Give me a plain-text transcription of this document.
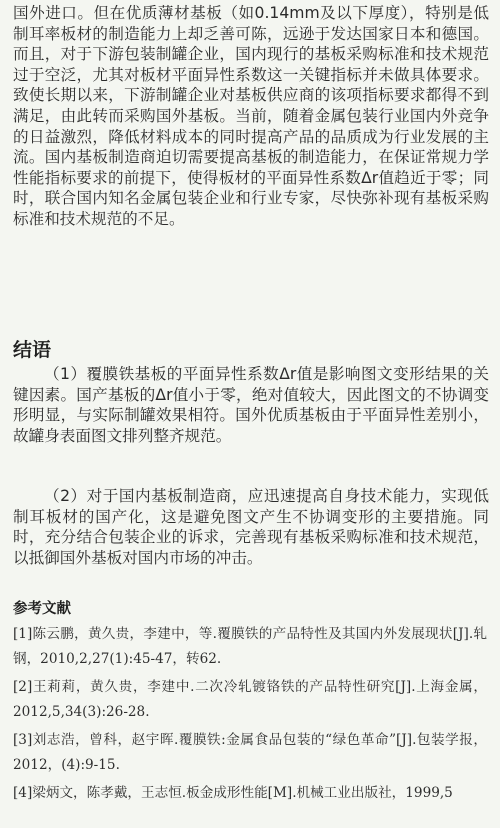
国外进口。但在优质薄材基板（如0.14mm及以下厚度），特别是低制耳率板材的制造能力上却乏善可陈，远逊于发达国家日本和德国。而且，对于下游包装制罐企业，国内现行的基板采购标准和技术规范过于空泛，尤其对板材平面异性系数这一关键指标并未做具体要求。致使长期以来，下游制罐企业对基板供应商的该项指标要求都得不到满足，由此转而采购国外基板。当前，随着金属包装行业国内外竞争的日益激烈，降低材料成本的同时提高产品的品质成为行业发展的主流。国内基板制造商迫切需要提高基板的制造能力，在保证常规力学性能指标要求的前提下，使得板材的平面异性系数Δr值趋近于零；同时，联合国内知名金属包装企业和行业专家，尽快弥补现有基板采购标准和技术规范的不足。

结语

（1）覆膜铁基板的平面异性系数Δr值是影响图文变形结果的关键因素。国产基板的Δr值小于零，绝对值较大，因此图文的不协调变形明显，与实际制罐效果相符。国外优质基板由于平面异性差别小，故罐身表面图文排列整齐规范。

（2）对于国内基板制造商，应迅速提高自身技术能力，实现低制耳板材的国产化，这是避免图文产生不协调变形的主要措施。同时，充分结合包装企业的诉求，完善现有基板采购标准和技术规范，以抵御国外基板对国内市场的冲击。

参考文献
[1]陈云鹏，黄久贵，李建中，等.覆膜铁的产品特性及其国内外发展现状[J].轧钢，2010,2,27(1):45-47，转62.
[2]王莉莉，黄久贵，李建中.二次冷轧镀铬铁的产品特性研究[J].上海金属，2012,5,34(3):26-28.
[3]刘志浩，曾科，赵宇晖.覆膜铁:金属食品包装的“绿色革命”[J].包装学报，2012，(4):9-15.
[4]梁炳文，陈孝戴，王志恒.板金成形性能[M].机械工业出版社，1999,5
